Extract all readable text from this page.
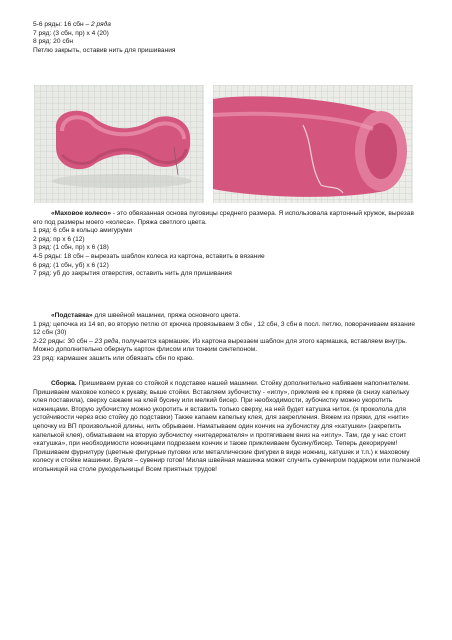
5-6 ряды: 16 сбн – 2 ряда

7 ряд: (3 сбн, пр) х 4 (20)

8 ряд: 20 сбн

Петлю закрыть, оставив нить для пришивания

«Маховое колесо» - это обвязанная основа пуговицы среднего размера. Я использовала картонный кружок, вырезав его под размеры моего «колеса». Пряжа светлого цвета.

1 ряд: 6 сбн в кольцо амигуруми

2 ряд: пр х 6 (12)

3 ряд: (1 сбн, пр) х 6 (18)

4-5 ряды: 18 сбн – вырезать шаблон колеса из картона, вставить в вязание

6 ряд: (1 сбн, уб) х 6 (12)

7 ряд: уб до закрытия отверстия, оставить нить для пришивания

«Подставка» для швейной машинки, пряжа основного цвета.

1 ряд: цепочка из 14 вп, во вторую петлю от крючка провязываем 3 сбн , 12 сбн, 3 сбн в посл. петлю, поворачиваем вязание 12 сбн (30)

2-22 ряды: 30 сбн – 23 ряда, получается кармашек. Из картона вырезаем шаблон для этого кармашка, вставляем внутрь. Можно дополнительно обернуть картон флисом или тонким синтепоном.

23 ряд: кармашек зашить или обвязать сбн по краю.

Сборка. Пришиваем рукав со стойкой к подставке нашей машинки. Стойку дополнительно набиваем наполнителем. Пришиваем маховое колесо к рукаву, выше стойки. Вставляем зубочистку - «иглу», приклеив ее к пряже (в снизу капельку клея поставила), сверху сажаем на клей бусину или мелкий бисер. При необходимости, зубочистку можно укоротить ножницами. Вторую зубочистку можно укоротить и вставить только сверху, на ней будет катушка ниток. (я проколола для устойчивости через всю стойку до подставки) Также капаем капельку клея, для закрепления. Вяжем из пряжи, для «нити» цепочку из ВП произвольной длины, нить обрываем. Наматываем один кончик на зубочистку для «катушки» (закрепить капелькой клея), обматываем на вторую зубочистку «нитедержателя» и протягиваем вниз на «иглу». Там, где у нас стоит «катушка», при необходимости ножницами подрезаем кончик и также приклеиваем бусину/бисер. Теперь декорируем! Пришиваем фурнитуру (цветные фигурные пуговки или металлические фигурки в виде ножниц, катушек и т.п.) к маховому колесу и стойке машинки. Вуаля – сувенир готов! Милая швейная машинка может случить сувениром подарком или полезной игольницей на столе рукодельницы! Всем приятных трудов!
